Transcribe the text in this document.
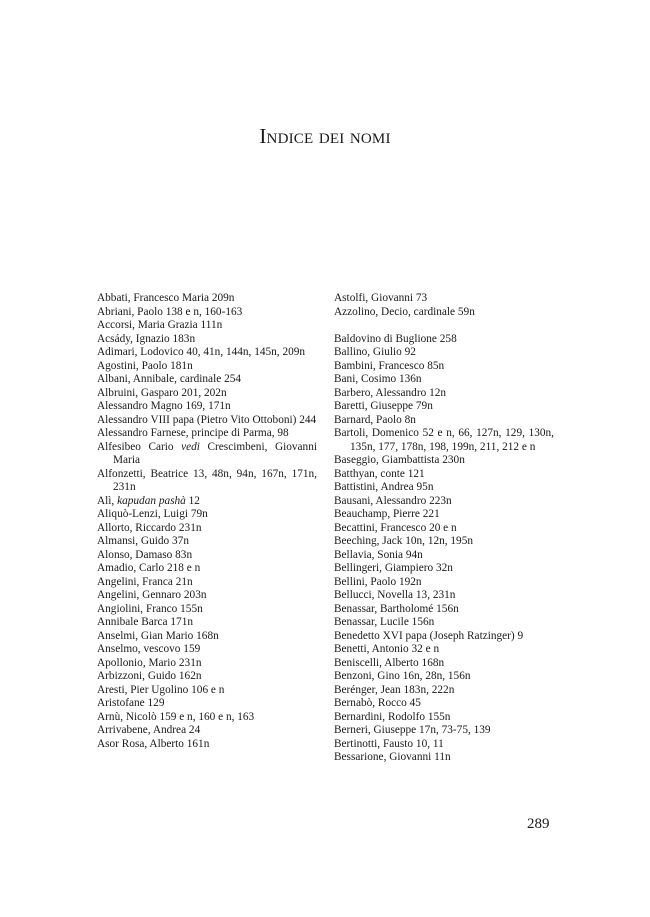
Indice dei nomi
Abbati, Francesco Maria 209n
Abriani, Paolo 138 e n, 160-163
Accorsi, Maria Grazia 111n
Acsády, Ignazio 183n
Adimari, Lodovico 40, 41n, 144n, 145n, 209n
Agostini, Paolo 181n
Albani, Annibale, cardinale 254
Albruini, Gasparo 201, 202n
Alessandro Magno 169, 171n
Alessandro VIII papa (Pietro Vito Ottoboni) 244
Alessandro Farnese, principe di Parma, 98
Alfesibeo Cario vedi Crescimbeni, Giovanni Maria
Alfonzetti, Beatrice 13, 48n, 94n, 167n, 171n, 231n
Alì, kapudan pashà 12
Aliquò-Lenzi, Luigi 79n
Allorto, Riccardo 231n
Almansi, Guido 37n
Alonso, Damaso 83n
Amadio, Carlo 218 e n
Angelini, Franca 21n
Angelini, Gennaro 203n
Angiolini, Franco 155n
Annibale Barca 171n
Anselmi, Gian Mario 168n
Anselmo, vescovo 159
Apollonio, Mario 231n
Arbizzoni, Guido 162n
Aresti, Pier Ugolino 106 e n
Aristofane 129
Arnù, Nicolò 159 e n, 160 e n, 163
Arrivabene, Andrea 24
Asor Rosa, Alberto 161n
Astolfi, Giovanni 73
Azzolino, Decio, cardinale 59n
Baldovino di Buglione 258
Ballino, Giulio 92
Bambini, Francesco 85n
Bani, Cosimo 136n
Barbero, Alessandro 12n
Baretti, Giuseppe 79n
Barnard, Paolo 8n
Bartoli, Domenico 52 e n, 66, 127n, 129, 130n, 135n, 177, 178n, 198, 199n, 211, 212 e n
Baseggio, Giambattista 230n
Batthyan, conte 121
Battistini, Andrea 95n
Bausani, Alessandro 223n
Beauchamp, Pierre 221
Becattini, Francesco 20 e n
Beeching, Jack 10n, 12n, 195n
Bellavia, Sonia 94n
Bellingeri, Giampiero 32n
Bellini, Paolo 192n
Bellucci, Novella 13, 231n
Benassar, Bartholomé 156n
Benassar, Lucile 156n
Benedetto XVI papa (Joseph Ratzinger) 9
Benetti, Antonio 32 e n
Beniscelli, Alberto 168n
Benzoni, Gino 16n, 28n, 156n
Berénger, Jean 183n, 222n
Bernabò, Rocco 45
Bernardini, Rodolfo 155n
Berneri, Giuseppe 17n, 73-75, 139
Bertinotti, Fausto 10, 11
Bessarione, Giovanni 11n
289
